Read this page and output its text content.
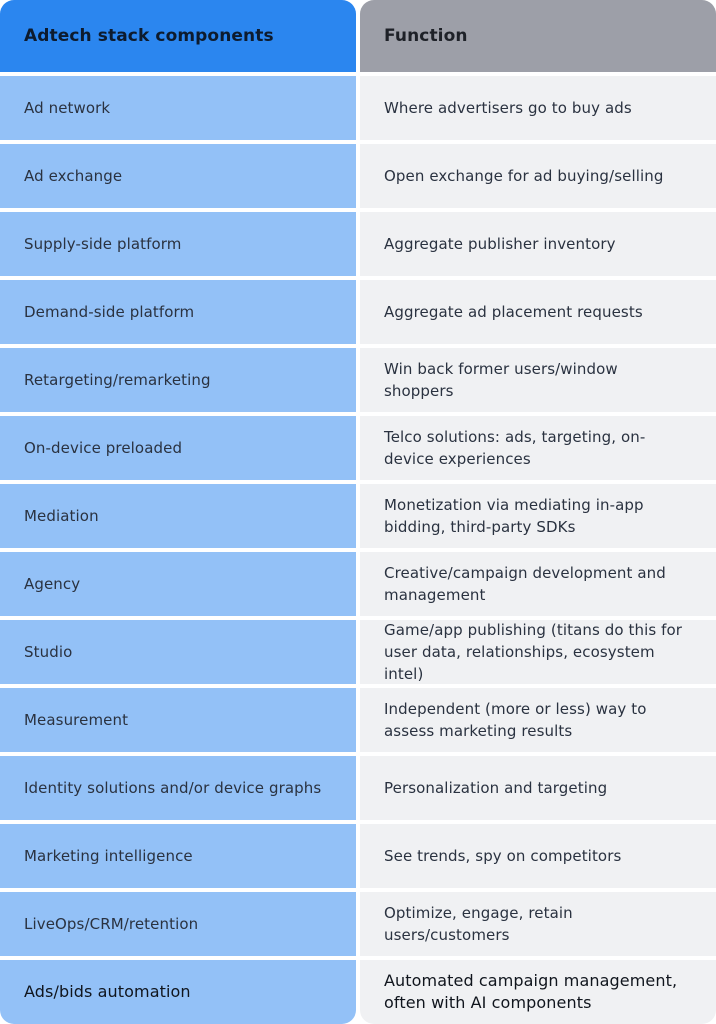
Adtech stack components
Ad network
Ad exchange
Supply-side platform
Demand-side platform
Retargeting/remarketing
On-device preloaded
Mediation
Agency
Studio
Measurement
Identity solutions and/or device graphs
Marketing intelligence
LiveOps/CRM/retention
Ads/bids automation
Function
Where advertisers go to buy ads
Open exchange for ad buying/selling
Aggregate publisher inventory
Aggregate ad placement requests
Win back former users/window shoppers
Telco solutions: ads, targeting, on-device experiences
Monetization via mediating in-app bidding, third-party SDKs
Creative/campaign development and management
Game/app publishing (titans do this for user data, relationships, ecosystem intel)
Independent (more or less) way to assess marketing results
Personalization and targeting
See trends, spy on competitors
Optimize, engage, retain users/customers
Automated campaign management, often with AI components
